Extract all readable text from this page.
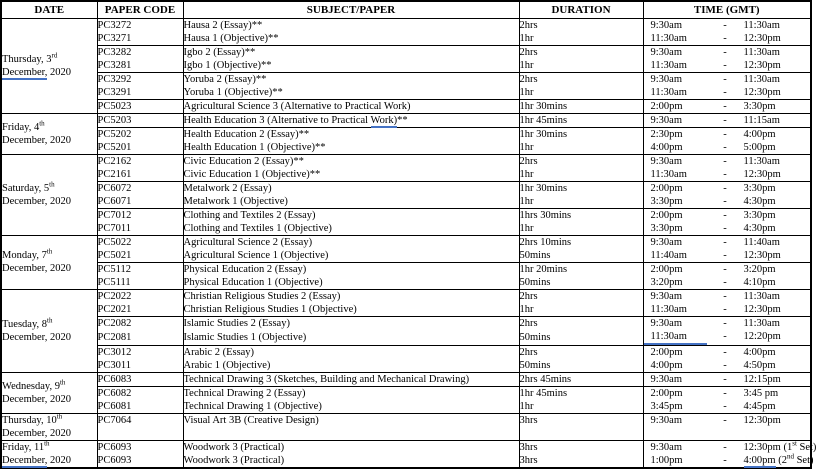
DATE	PAPER CODE	SUBJECT/PAPER	DURATION	TIME (GMT)

Thursday, 3rd
December, 2020	PC3272	Hausa 2 (Essay)**	2hrs	9:30am - 11:30am
	PC3271	Hausa 1 (Objective)**	1hr	11:30am - 12:30pm
	PC3282	Igbo 2 (Essay)**	2hrs	9:30am - 11:30am
	PC3281	Igbo 1 (Objective)**	1hr	11:30am - 12:30pm
	PC3292	Yoruba 2 (Essay)**	2hrs	9:30am - 11:30am
	PC3291	Yoruba 1 (Objective)**	1hr	11:30am - 12:30pm
	PC5023	Agricultural Science 3 (Alternative to Practical Work)	1hr 30mins	2:00pm - 3:30pm

Friday, 4th
December, 2020	PC5203	Health Education 3 (Alternative to Practical Work)**	1hr 45mins	9:30am - 11:15am
	PC5202	Health Education 2 (Essay)**	1hr 30mins	2:30pm - 4:00pm
	PC5201	Health Education 1 (Objective)**	1hr	4:00pm - 5:00pm

Saturday, 5th
December, 2020	PC2162	Civic Education 2 (Essay)**	2hrs	9:30am - 11:30am
	PC2161	Civic Education 1 (Objective)**	1hr	11:30am - 12:30pm
	PC6072	Metalwork 2 (Essay)	1hr 30mins	2:00pm - 3:30pm
	PC6071	Metalwork 1 (Objective)	1hr	3:30pm - 4:30pm
	PC7012	Clothing and Textiles 2 (Essay)	1hrs 30mins	2:00pm - 3:30pm
	PC7011	Clothing and Textiles 1 (Objective)	1hr	3:30pm - 4:30pm

Monday, 7th
December, 2020	PC5022	Agricultural Science 2 (Essay)	2hrs 10mins	9:30am - 11:40am
	PC5021	Agricultural Science 1 (Objective)	50mins	11:40am - 12:30pm
	PC5112	Physical Education 2 (Essay)	1hr 20mins	2:00pm - 3:20pm
	PC5111	Physical Education 1 (Objective)	50mins	3:20pm - 4:10pm

Tuesday, 8th
December, 2020	PC2022	Christian Religious Studies 2 (Essay)	2hrs	9:30am - 11:30am
	PC2021	Christian Religious Studies 1 (Objective)	1hr	11:30am - 12:30pm
	PC2082	Islamic Studies 2 (Essay)	2hrs	9:30am - 11:30am
	PC2081	Islamic Studies 1 (Objective)	50mins	11:30am - 12:20pm
	PC3012	Arabic 2 (Essay)	2hrs	2:00pm - 4:00pm
	PC3011	Arabic 1 (Objective)	50mins	4:00pm - 4:50pm

Wednesday, 9th
December, 2020	PC6083	Technical Drawing 3 (Sketches, Building and Mechanical Drawing)	2hrs 45mins	9:30am - 12:15pm
	PC6082	Technical Drawing 2 (Essay)	1hr 45mins	2:00pm - 3:45 pm
	PC6081	Technical Drawing 1 (Objective)	1hr	3:45pm - 4:45pm

Thursday, 10th
December, 2020	PC7064	Visual Art 3B (Creative Design)	3hrs	9:30am - 12:30pm

Friday, 11th
December, 2020	PC6093	Woodwork 3 (Practical)	3hrs	9:30am - 12:30pm (1st Set)
	PC6093	Woodwork 3 (Practical)	3hrs	1:00pm - 4:00pm (2nd Set)
